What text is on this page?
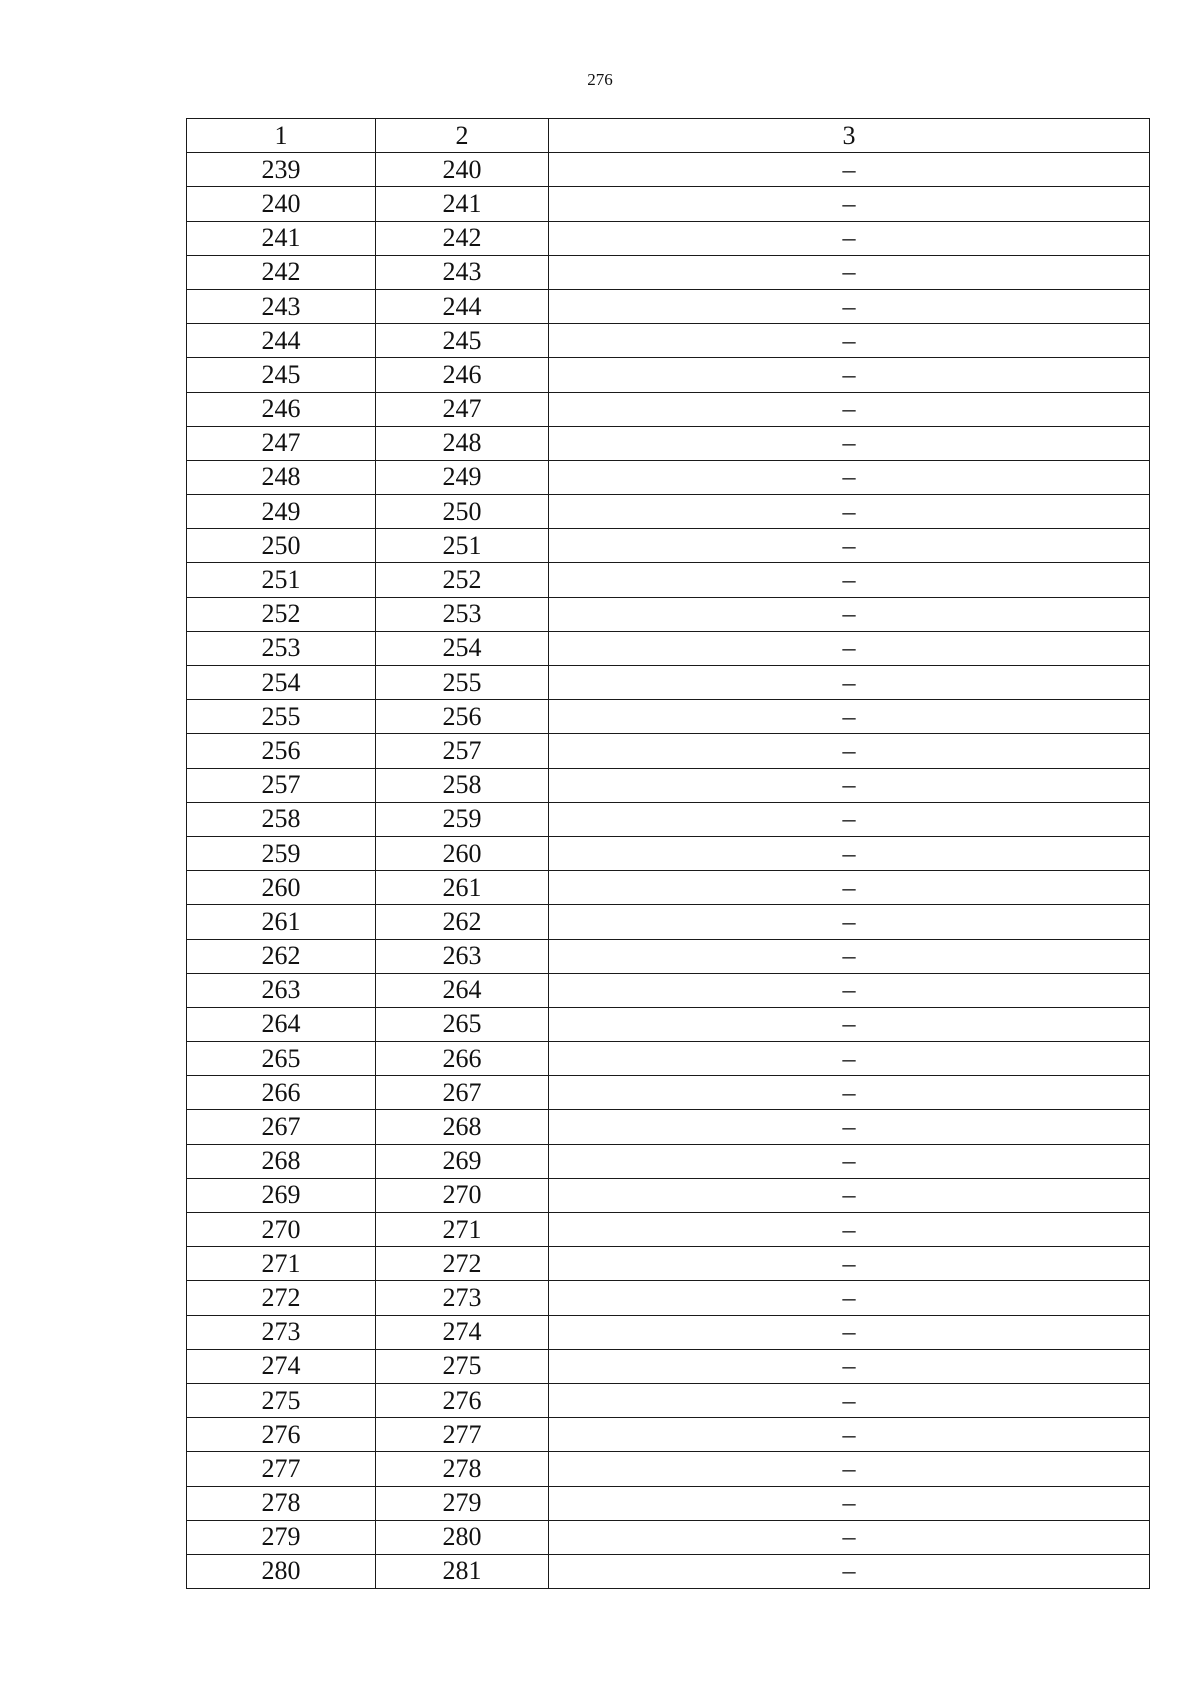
276
1	2	3
239	240	–
240	241	–
241	242	–
242	243	–
243	244	–
244	245	–
245	246	–
246	247	–
247	248	–
248	249	–
249	250	–
250	251	–
251	252	–
252	253	–
253	254	–
254	255	–
255	256	–
256	257	–
257	258	–
258	259	–
259	260	–
260	261	–
261	262	–
262	263	–
263	264	–
264	265	–
265	266	–
266	267	–
267	268	–
268	269	–
269	270	–
270	271	–
271	272	–
272	273	–
273	274	–
274	275	–
275	276	–
276	277	–
277	278	–
278	279	–
279	280	–
280	281	–
